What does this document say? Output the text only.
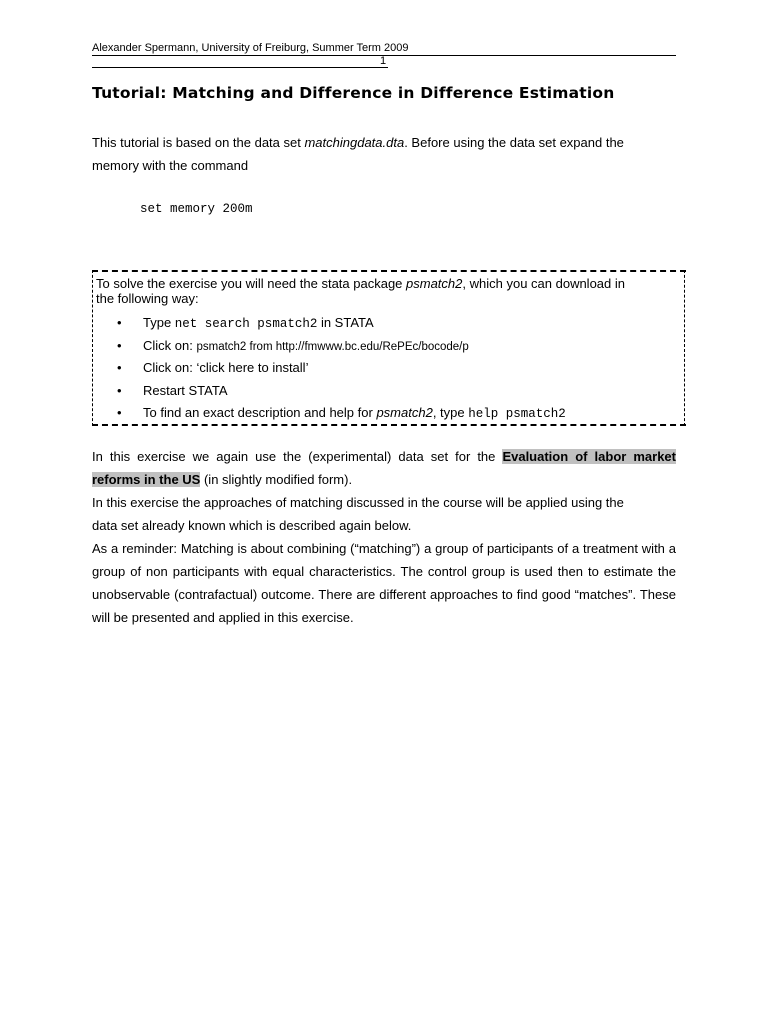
Alexander Spermann, University of Freiburg, Summer Term 2009
1
Tutorial: Matching and Difference in Difference Estimation
This tutorial is based on the data set matchingdata.dta. Before using the data set expand the
memory with the command
set memory 200m
To solve the exercise you will need the stata package psmatch2, which you can download in
the following way:
• Type net search psmatch2 in STATA
• Click on: psmatch2 from http://fmwww.bc.edu/RePEc/bocode/p
• Click on: ‘click here to install’
• Restart STATA
• To find an exact description and help for psmatch2, type help psmatch2
In this exercise we again use the (experimental) data set for the Evaluation of labor market
reforms in the US (in slightly modified form).
In this exercise the approaches of matching discussed in the course will be applied using the
data set already known which is described again below.
As a reminder: Matching is about combining (“matching”) a group of participants of a treatment with a group of non participants with equal characteristics. The control group is used then to estimate the unobservable (contrafactual) outcome. There are different approaches to find good “matches”. These will be presented and applied in this exercise.
